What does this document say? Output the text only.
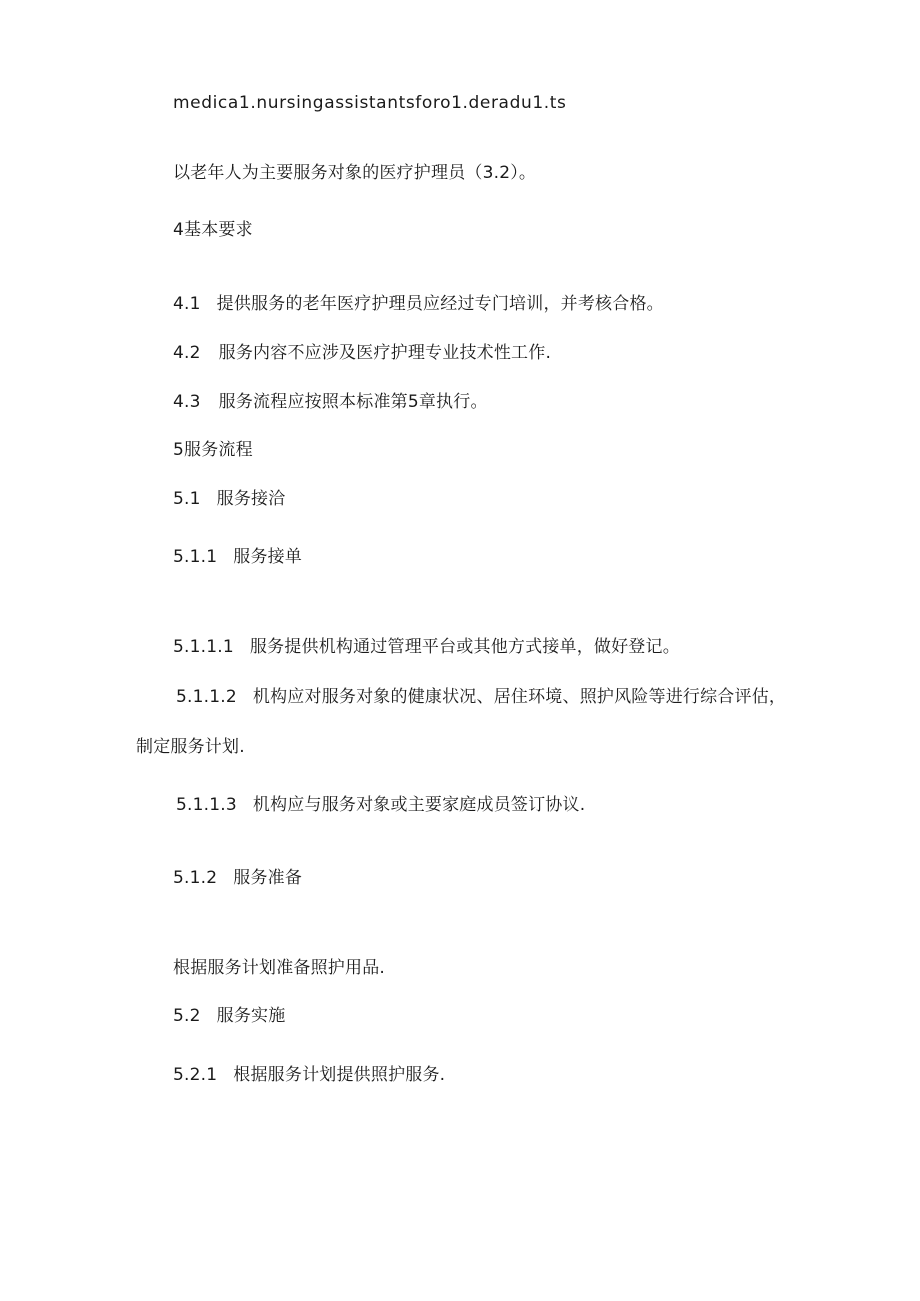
medica1.nursingassistantsforo1.deradu1.ts
以老年人为主要服务对象的医疗护理员（3.2）。
4基本要求
4.1 提供服务的老年医疗护理员应经过专门培训，并考核合格。
4.2 服务内容不应涉及医疗护理专业技术性工作.
4.3 服务流程应按照本标准第5章执行。
5服务流程
5.1 服务接洽
5.1.1 服务接单
5.1.1.1 服务提供机构通过管理平台或其他方式接单，做好登记。
5.1.1.2 机构应对服务对象的健康状况、居住环境、照护风险等进行综合评估，
制定服务计划.
5.1.1.3 机构应与服务对象或主要家庭成员签订协议.
5.1.2 服务准备
根据服务计划准备照护用品.
5.2 服务实施
5.2.1 根据服务计划提供照护服务.
